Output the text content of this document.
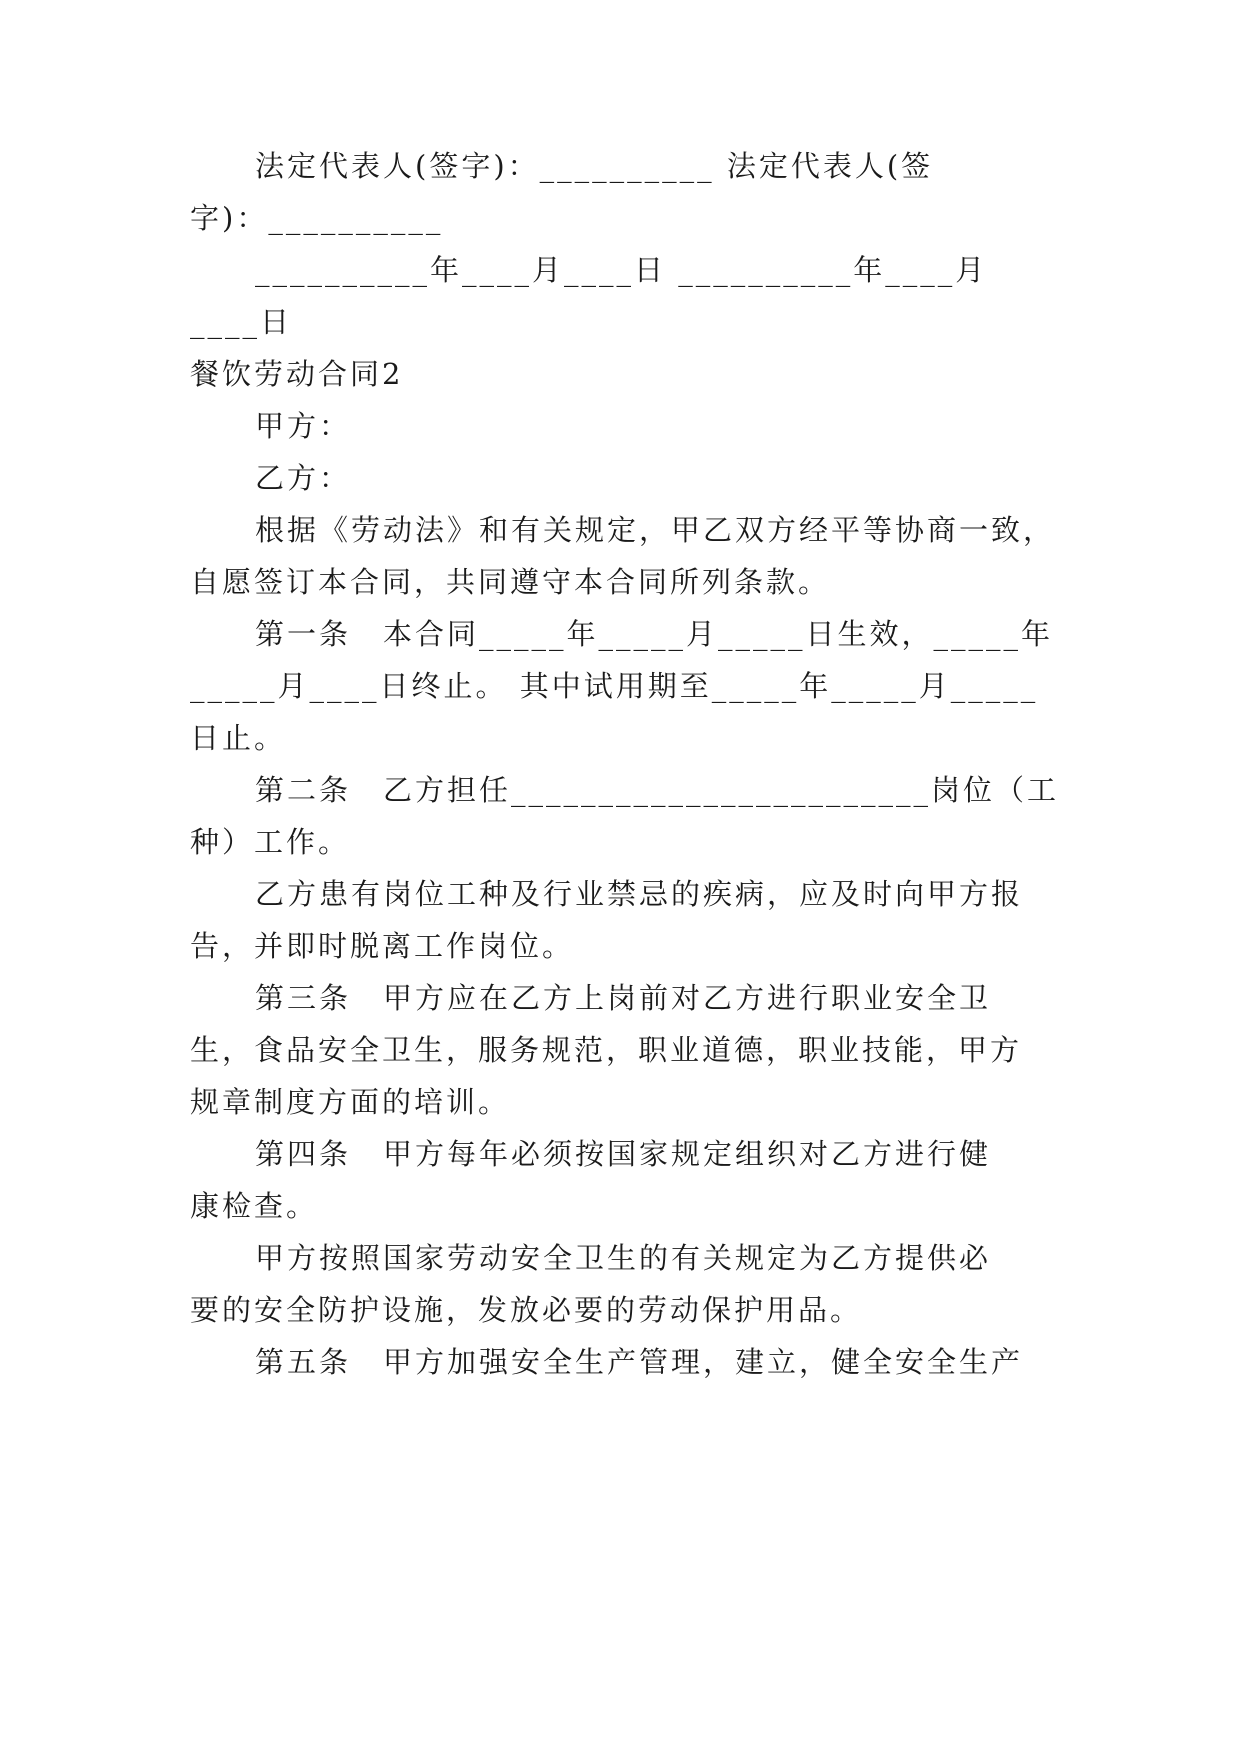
法定代表人(签字)：__________ 法定代表人(签
字)：__________
__________年____月____日 __________年____月
____日
餐饮劳动合同2
甲方：
乙方：
根据《劳动法》和有关规定，甲乙双方经平等协商一致，
自愿签订本合同，共同遵守本合同所列条款。
第一条　本合同_____年_____月_____日生效，_____年
_____月____日终止。 其中试用期至_____年_____月_____
日止。
第二条　乙方担任________________________岗位（工
种）工作。
乙方患有岗位工种及行业禁忌的疾病，应及时向甲方报
告，并即时脱离工作岗位。
第三条　甲方应在乙方上岗前对乙方进行职业安全卫
生，食品安全卫生，服务规范，职业道德，职业技能，甲方
规章制度方面的培训。
第四条　甲方每年必须按国家规定组织对乙方进行健
康检查。
甲方按照国家劳动安全卫生的有关规定为乙方提供必
要的安全防护设施，发放必要的劳动保护用品。
第五条　甲方加强安全生产管理，建立，健全安全生产
